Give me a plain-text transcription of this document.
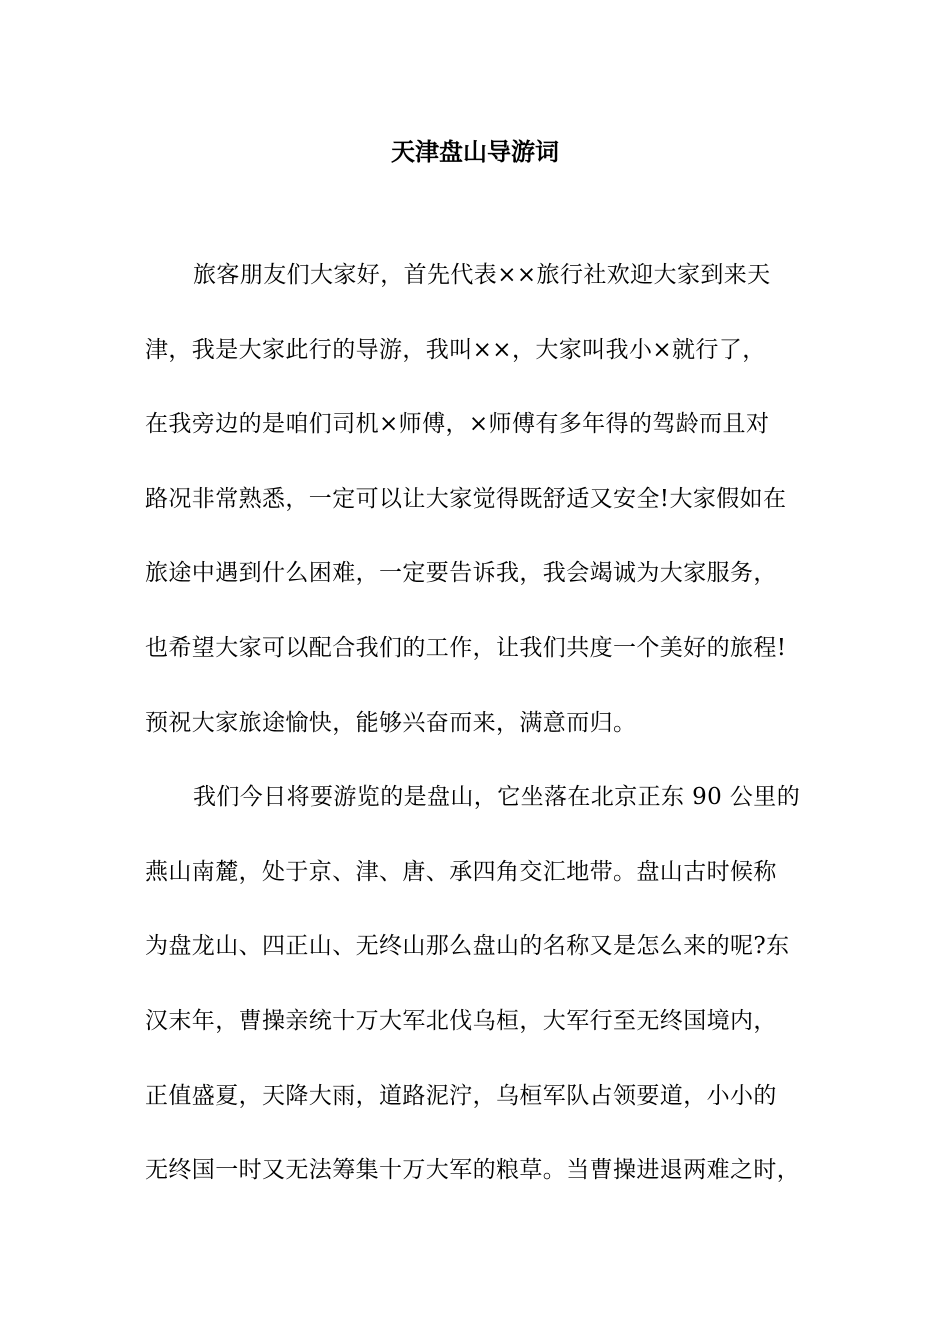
天津盘山导游词
旅客朋友们大家好，首先代表××旅行社欢迎大家到来天
津，我是大家此行的导游，我叫××，大家叫我小×就行了，
在我旁边的是咱们司机×师傅，×师傅有多年得的驾龄而且对
路况非常熟悉，一定可以让大家觉得既舒适又安全!大家假如在
旅途中遇到什么困难，一定要告诉我，我会竭诚为大家服务，
也希望大家可以配合我们的工作，让我们共度一个美好的旅程!
预祝大家旅途愉快，能够兴奋而来，满意而归。
我们今日将要游览的是盘山，它坐落在北京正东 90 公里的
燕山南麓，处于京、津、唐、承四角交汇地带。盘山古时候称
为盘龙山、四正山、无终山那么盘山的名称又是怎么来的呢?东
汉末年，曹操亲统十万大军北伐乌桓，大军行至无终国境内，
正值盛夏，天降大雨，道路泥泞，乌桓军队占领要道，小小的
无终国一时又无法筹集十万大军的粮草。当曹操进退两难之时，
